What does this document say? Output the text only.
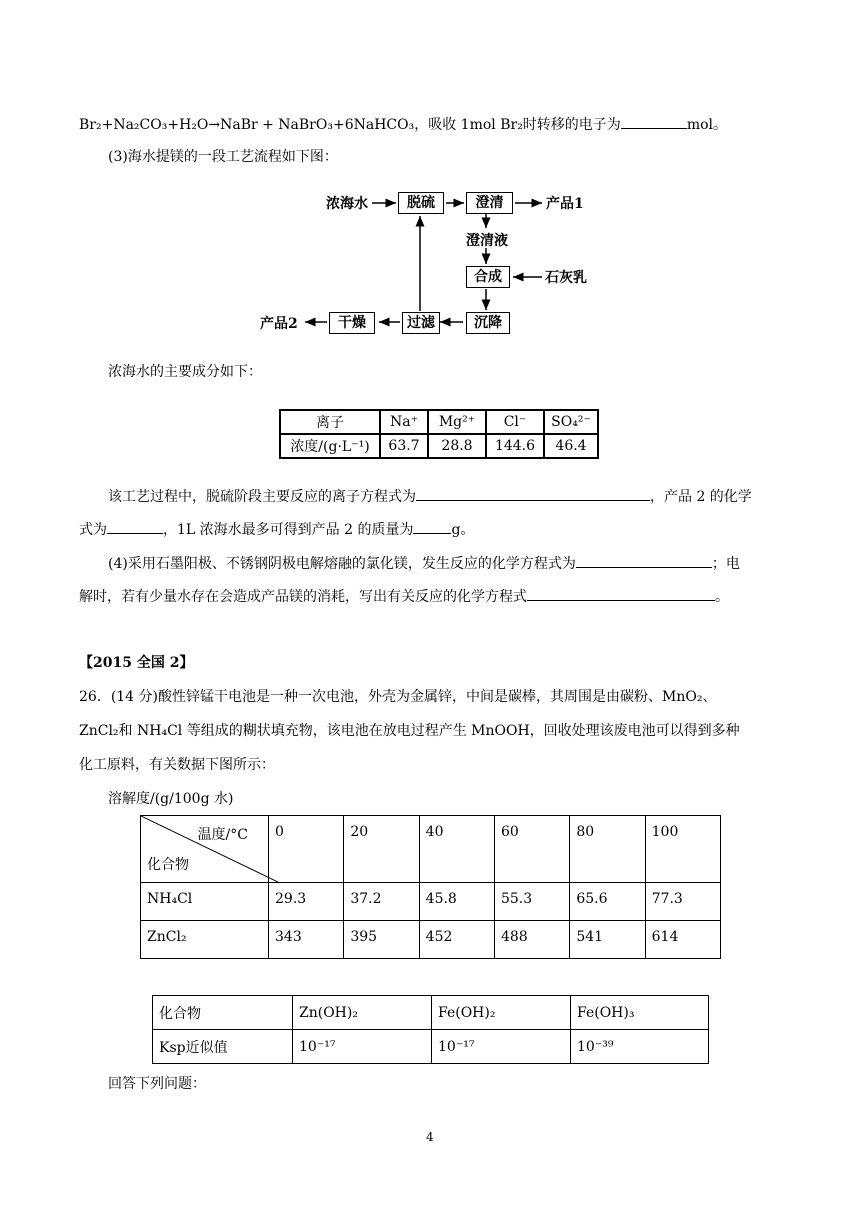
Br₂+Na₂CO₃+H₂O→NaBr + NaBrO₃+6NaHCO₃，吸收 1mol Br₂时转移的电子为	mol。
(3)海水提镁的一段工艺流程如下图：
浓海水	脱硫	澄清	产品1
澄清液
合成	石灰乳
沉降
过滤
干燥
产品2
浓海水的主要成分如下：
离子	Na⁺	Mg²⁺	Cl⁻	SO₄²⁻
浓度/(g·L⁻¹)	63.7	28.8	144.6	46.4
该工艺过程中，脱硫阶段主要反应的离子方程式为	，产品 2 的化学
式为	，1L 浓海水最多可得到产品 2 的质量为	g。
(4)采用石墨阳极、不锈钢阴极电解熔融的氯化镁，发生反应的化学方程式为	；电
解时，若有少量水存在会造成产品镁的消耗，写出有关反应的化学方程式	。
【2015 全国 2】
26．(14 分)酸性锌锰干电池是一种一次电池，外壳为金属锌，中间是碳棒，其周围是由碳粉、MnO₂、
ZnCl₂和 NH₄Cl 等组成的糊状填充物，该电池在放电过程产生 MnOOH，回收处理该废电池可以得到多种
化工原料，有关数据下图所示：
溶解度/(g/100g 水)
温度/°C
化合物	0	20	40	60	80	100
NH₄Cl	29.3	37.2	45.8	55.3	65.6	77.3
ZnCl₂	343	395	452	488	541	614
化合物	Zn(OH)₂	Fe(OH)₂	Fe(OH)₃
Ksp近似值	10⁻¹⁷	10⁻¹⁷	10⁻³⁹
回答下列问题：
4
